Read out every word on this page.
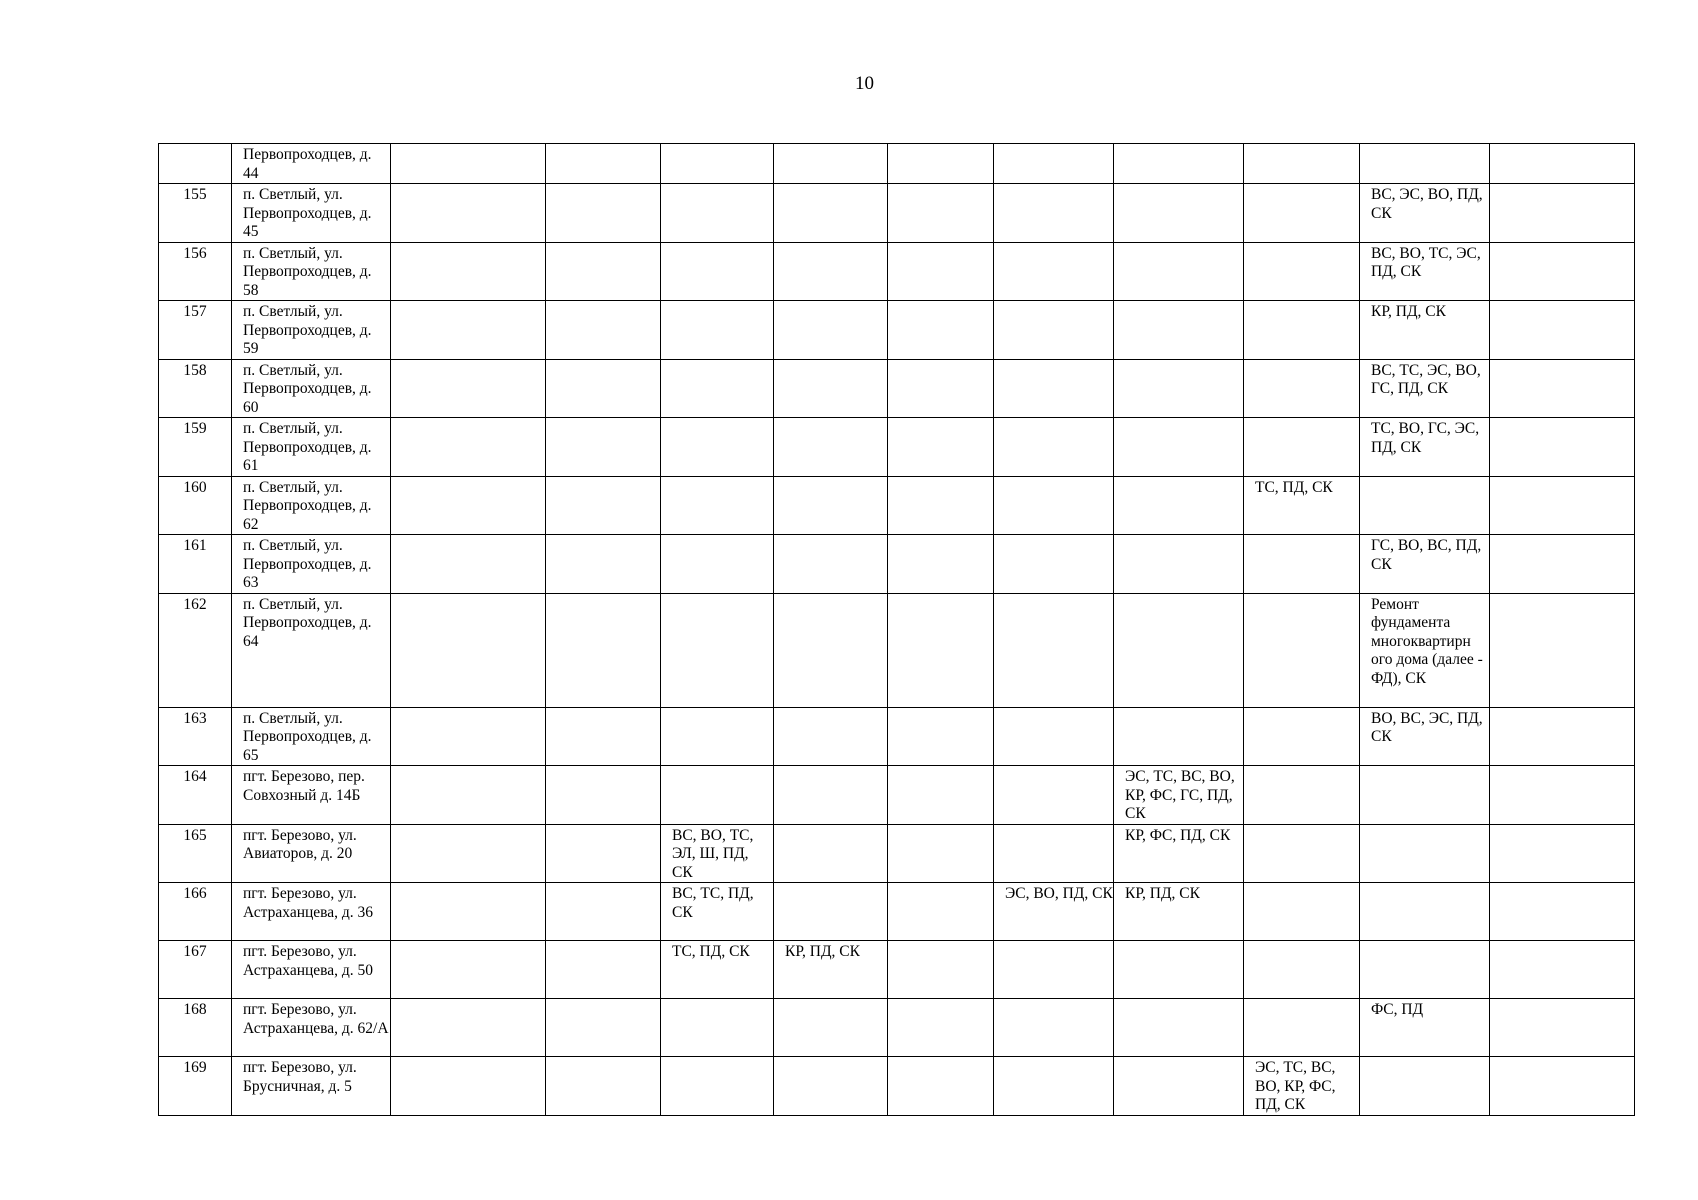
10
	Первопроходцев, д. 44										
155	п. Светлый, ул. Первопроходцев, д. 45									ВС, ЭС, ВО, ПД, СК	
156	п. Светлый, ул. Первопроходцев, д. 58									ВС, ВО, ТС, ЭС, ПД, СК	
157	п. Светлый, ул. Первопроходцев, д. 59									КР, ПД, СК	
158	п. Светлый, ул. Первопроходцев, д. 60									ВС, ТС, ЭС, ВО, ГС, ПД, СК	
159	п. Светлый, ул. Первопроходцев, д. 61									ТС, ВО, ГС, ЭС, ПД, СК	
160	п. Светлый, ул. Первопроходцев, д. 62								ТС, ПД, СК		
161	п. Светлый, ул. Первопроходцев, д. 63									ГС, ВО, ВС, ПД, СК	
162	п. Светлый, ул. Первопроходцев, д. 64									Ремонт фундамента многоквартирн ого дома (далее - ФД), СК	
163	п. Светлый, ул. Первопроходцев, д. 65									ВО, ВС, ЭС, ПД, СК	
164	пгт. Березово, пер. Совхозный д. 14Б							ЭС, ТС, ВС, ВО, КР, ФС, ГС, ПД, СК			
165	пгт. Березово, ул. Авиаторов, д. 20			ВС, ВО, ТС, ЭЛ, Ш, ПД, СК				КР, ФС, ПД, СК			
166	пгт. Березово, ул. Астраханцева, д. 36			ВС, ТС, ПД, СК			ЭС, ВО, ПД, СК	КР, ПД, СК			
167	пгт. Березово, ул. Астраханцева, д. 50			ТС, ПД, СК	КР, ПД, СК						
168	пгт. Березово, ул. Астраханцева, д. 62/А									ФС, ПД	
169	пгт. Березово, ул. Брусничная, д. 5								ЭС, ТС, ВС, ВО, КР, ФС, ПД, СК		
